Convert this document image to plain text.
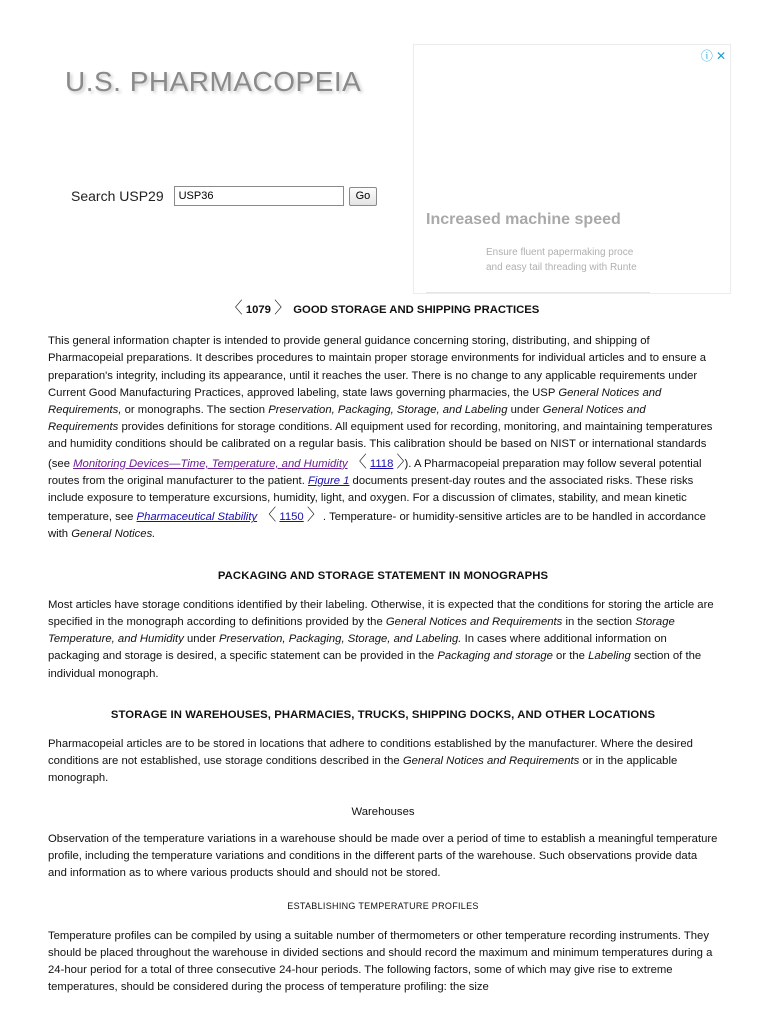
U.S. PHARMACOPEIA
Search USP29
USP36	Go
ⓘ ✕
Increased machine speed
Ensure fluent papermaking proce
and easy tail threading with Runte
〈 1079 〉 GOOD STORAGE AND SHIPPING PRACTICES

This general information chapter is intended to provide general guidance concerning storing, distributing, and shipping of Pharmacopeial preparations. It describes procedures to maintain proper storage environments for individual articles and to ensure a preparation's integrity, including its appearance, until it reaches the user. There is no change to any applicable requirements under Current Good Manufacturing Practices, approved labeling, state laws governing pharmacies, the USP General Notices and Requirements, or monographs. The section Preservation, Packaging, Storage, and Labeling under General Notices and Requirements provides definitions for storage conditions. All equipment used for recording, monitoring, and maintaining temperatures and humidity conditions should be calibrated on a regular basis. This calibration should be based on NIST or international standards (see Monitoring Devices—Time, Temperature, and Humidity 〈 1118 〉). A Pharmacopeial preparation may follow several potential routes from the original manufacturer to the patient. Figure 1 documents present-day routes and the associated risks. These risks include exposure to temperature excursions, humidity, light, and oxygen. For a discussion of climates, stability, and mean kinetic temperature, see Pharmaceutical Stability 〈 1150 〉. Temperature- or humidity-sensitive articles are to be handled in accordance with General Notices.

PACKAGING AND STORAGE STATEMENT IN MONOGRAPHS

Most articles have storage conditions identified by their labeling. Otherwise, it is expected that the conditions for storing the article are specified in the monograph according to definitions provided by the General Notices and Requirements in the section Storage Temperature, and Humidity under Preservation, Packaging, Storage, and Labeling. In cases where additional information on packaging and storage is desired, a specific statement can be provided in the Packaging and storage or the Labeling section of the individual monograph.

STORAGE IN WAREHOUSES, PHARMACIES, TRUCKS, SHIPPING DOCKS, AND OTHER LOCATIONS

Pharmacopeial articles are to be stored in locations that adhere to conditions established by the manufacturer. Where the desired conditions are not established, use storage conditions described in the General Notices and Requirements or in the applicable monograph.

Warehouses

Observation of the temperature variations in a warehouse should be made over a period of time to establish a meaningful temperature profile, including the temperature variations and conditions in the different parts of the warehouse. Such observations provide data and information as to where various products should and should not be stored.

ESTABLISHING TEMPERATURE PROFILES

Temperature profiles can be compiled by using a suitable number of thermometers or other temperature recording instruments. They should be placed throughout the warehouse in divided sections and should record the maximum and minimum temperatures during a 24-hour period for a total of three consecutive 24-hour periods. The following factors, some of which may give rise to extreme temperatures, should be considered during the process of temperature profiling: the size
